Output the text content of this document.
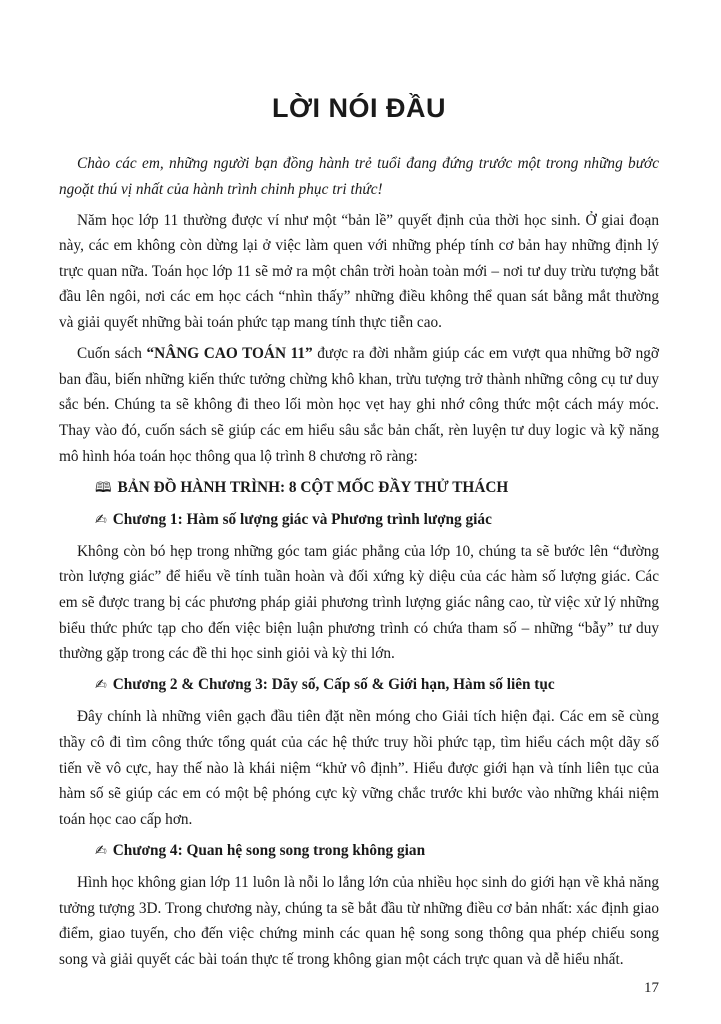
LỜI NÓI ĐẦU

Chào các em, những người bạn đồng hành trẻ tuổi đang đứng trước một trong những bước ngoặt thú vị nhất của hành trình chinh phục tri thức!

Năm học lớp 11 thường được ví như một “bản lề” quyết định của thời học sinh. Ở giai đoạn này, các em không còn dừng lại ở việc làm quen với những phép tính cơ bản hay những định lý trực quan nữa. Toán học lớp 11 sẽ mở ra một chân trời hoàn toàn mới – nơi tư duy trừu tượng bắt đầu lên ngôi, nơi các em học cách “nhìn thấy” những điều không thể quan sát bằng mắt thường và giải quyết những bài toán phức tạp mang tính thực tiễn cao.

Cuốn sách “NÂNG CAO TOÁN 11” được ra đời nhằm giúp các em vượt qua những bỡ ngỡ ban đầu, biến những kiến thức tưởng chừng khô khan, trừu tượng trở thành những công cụ tư duy sắc bén. Chúng ta sẽ không đi theo lối mòn học vẹt hay ghi nhớ công thức một cách máy móc. Thay vào đó, cuốn sách sẽ giúp các em hiểu sâu sắc bản chất, rèn luyện tư duy logic và kỹ năng mô hình hóa toán học thông qua lộ trình 8 chương rõ ràng:

🕮 BẢN ĐỒ HÀNH TRÌNH: 8 CỘT MỐC ĐẦY THỬ THÁCH
✍ Chương 1: Hàm số lượng giác và Phương trình lượng giác

Không còn bó hẹp trong những góc tam giác phẳng của lớp 10, chúng ta sẽ bước lên “đường tròn lượng giác” để hiểu về tính tuần hoàn và đối xứng kỳ diệu của các hàm số lượng giác. Các em sẽ được trang bị các phương pháp giải phương trình lượng giác nâng cao, từ việc xử lý những biểu thức phức tạp cho đến việc biện luận phương trình có chứa tham số – những “bẫy” tư duy thường gặp trong các đề thi học sinh giỏi và kỳ thi lớn.

✍ Chương 2 & Chương 3: Dãy số, Cấp số & Giới hạn, Hàm số liên tục

Đây chính là những viên gạch đầu tiên đặt nền móng cho Giải tích hiện đại. Các em sẽ cùng thầy cô đi tìm công thức tổng quát của các hệ thức truy hồi phức tạp, tìm hiểu cách một dãy số tiến về vô cực, hay thế nào là khái niệm “khử vô định”. Hiểu được giới hạn và tính liên tục của hàm số sẽ giúp các em có một bệ phóng cực kỳ vững chắc trước khi bước vào những khái niệm toán học cao cấp hơn.

✍ Chương 4: Quan hệ song song trong không gian

Hình học không gian lớp 11 luôn là nỗi lo lắng lớn của nhiều học sinh do giới hạn về khả năng tưởng tượng 3D. Trong chương này, chúng ta sẽ bắt đầu từ những điều cơ bản nhất: xác định giao điểm, giao tuyến, cho đến việc chứng minh các quan hệ song song thông qua phép chiếu song song và giải quyết các bài toán thực tế trong không gian một cách trực quan và dễ hiểu nhất.

17
